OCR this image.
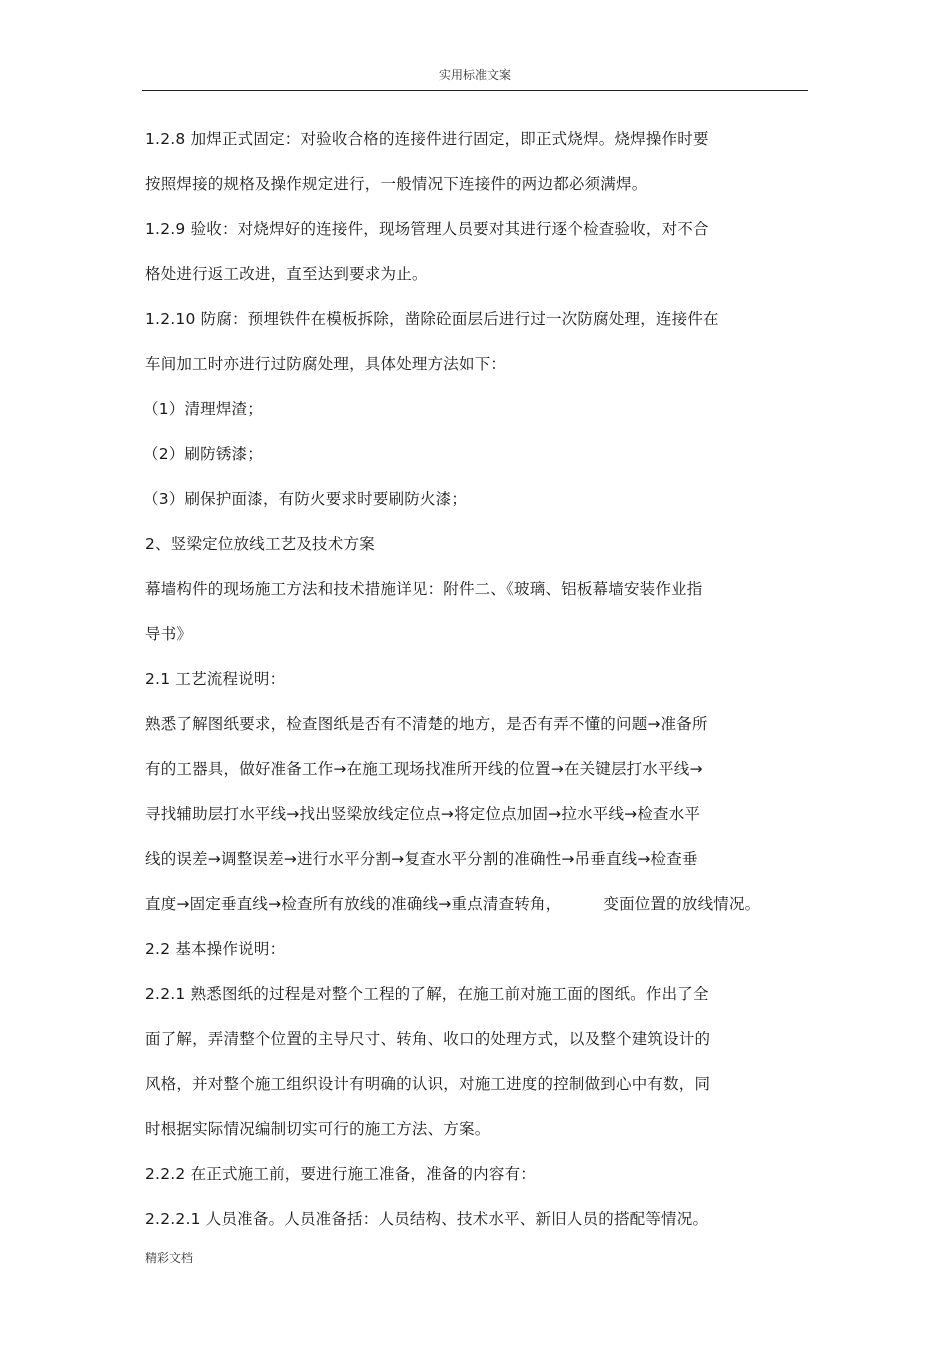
实用标准文案
1.2.8 加焊正式固定：对验收合格的连接件进行固定，即正式烧焊。烧焊操作时要
按照焊接的规格及操作规定进行，一般情况下连接件的两边都必须满焊。
1.2.9 验收：对烧焊好的连接件，现场管理人员要对其进行逐个检查验收，对不合
格处进行返工改进，直至达到要求为止。
1.2.10 防腐：预埋铁件在模板拆除，凿除砼面层后进行过一次防腐处理，连接件在
车间加工时亦进行过防腐处理，具体处理方法如下：
（1）清理焊渣；
（2）刷防锈漆；
（3）刷保护面漆，有防火要求时要刷防火漆；
2、竖梁定位放线工艺及技术方案
幕墙构件的现场施工方法和技术措施详见：附件二、《玻璃、铝板幕墙安装作业指
导书》
2.1 工艺流程说明：
熟悉了解图纸要求，检查图纸是否有不清楚的地方，是否有弄不懂的问题→准备所
有的工器具，做好准备工作→在施工现场找准所开线的位置→在关键层打水平线→
寻找辅助层打水平线→找出竖梁放线定位点→将定位点加固→拉水平线→检查水平
线的误差→调整误差→进行水平分割→复查水平分割的准确性→吊垂直线→检查垂
直度→固定垂直线→检查所有放线的准确线→重点清查转角，	变面位置的放线情况。
2.2 基本操作说明：
2.2.1 熟悉图纸的过程是对整个工程的了解，在施工前对施工面的图纸。作出了全
面了解，弄清整个位置的主导尺寸、转角、收口的处理方式，以及整个建筑设计的
风格，并对整个施工组织设计有明确的认识，对施工进度的控制做到心中有数，同
时根据实际情况编制切实可行的施工方法、方案。
2.2.2 在正式施工前，要进行施工准备，准备的内容有：
2.2.2.1 人员准备。人员准备括：人员结构、技术水平、新旧人员的搭配等情况。
精彩文档
